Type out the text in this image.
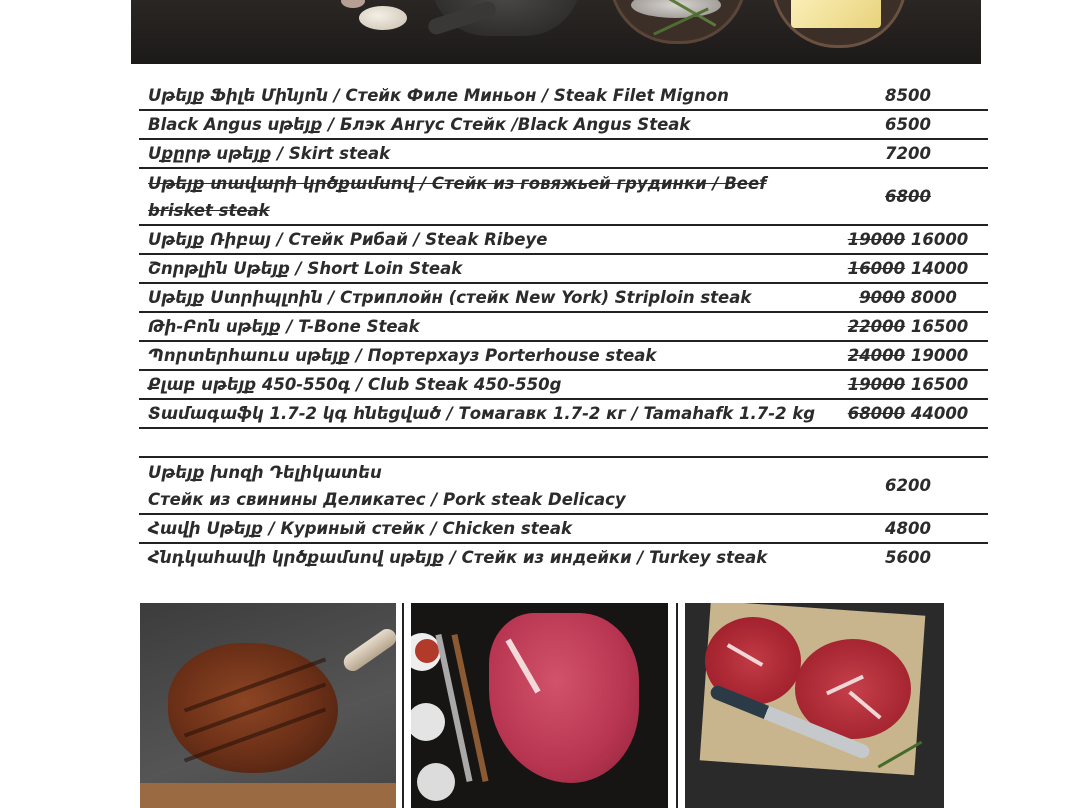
Սթեյք Ֆիլե Մինյոն / Стейк Филе Миньон / Steak Filet Mignon	8500
Black Angus սթեյք / Блэк Ангус Стейк /Black Angus Steak	6500
Սքըրթ սթեյք / Skirt steak	7200
Սթեյք տավարի կրծքամսով / Стейк из говяжьей грудинки / Beef brisket steak	6800
Սթեյք Ռիբայ / Стейк Рибай / Steak Ribeye	19000 16000
Շորթլին Սթեյք / Short Loin Steak	16000 14000
Սթեյք Ստրիպլոին / Стриплойн (стейк New York) Striploin steak	9000 8000
Թի-Բոն սթեյք / T-Bone Steak	22000 16500
Պորտերհաուս սթեյք / Портерхауз Porterhouse steak	24000 19000
Քլաբ սթեյք 450-550գ / Club Steak 450-550g	19000 16500
Տամագաֆկ 1.7-2 կգ հնեցված / Томагавк 1.7-2 кг / Tamahafk 1.7-2 kg	68000 44000

Սթեյք խոզի Դելիկատես
Стейк из свинины Деликатес / Pork steak Delicacy	6200
Հավի Սթեյք / Куриный стейк / Chicken steak	4800
Հնդկահավի կրծքամսով սթեյք / Стейк из индейки / Turkey steak	5600
